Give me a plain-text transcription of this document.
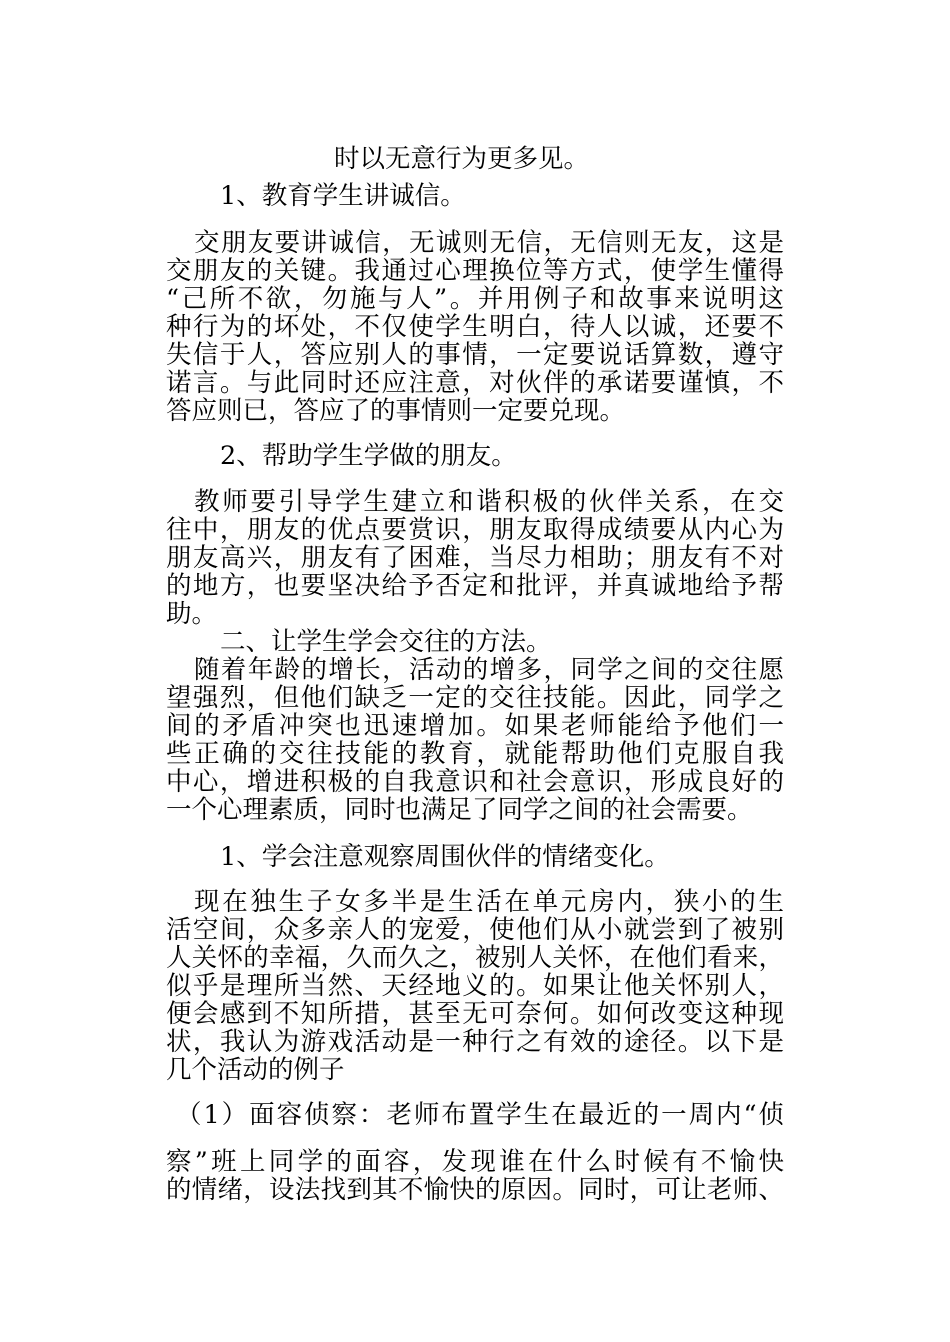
时以无意行为更多见。
1、教育学生讲诚信。
交朋友要讲诚信，无诚则无信，无信则无友，这是
交朋友的关键。我通过心理换位等方式，使学生懂得
“己所不欲，勿施与人”。并用例子和故事来说明这
种行为的坏处，不仅使学生明白，待人以诚，还要不
失信于人，答应别人的事情，一定要说话算数，遵守
诺言。与此同时还应注意，对伙伴的承诺要谨慎，不
答应则已，答应了的事情则一定要兑现。
2、帮助学生学做的朋友。
教师要引导学生建立和谐积极的伙伴关系，在交
往中，朋友的优点要赏识，朋友取得成绩要从内心为
朋友高兴，朋友有了困难，当尽力相助；朋友有不对
的地方，也要坚决给予否定和批评，并真诚地给予帮
助。
二、让学生学会交往的方法。
随着年龄的增长，活动的增多，同学之间的交往愿
望强烈，但他们缺乏一定的交往技能。因此，同学之
间的矛盾冲突也迅速增加。如果老师能给予他们一
些正确的交往技能的教育，就能帮助他们克服自我
中心，增进积极的自我意识和社会意识，形成良好的
一个心理素质，同时也满足了同学之间的社会需要。
1、学会注意观察周围伙伴的情绪变化。
现在独生子女多半是生活在单元房内，狭小的生
活空间，众多亲人的宠爱，使他们从小就尝到了被别
人关怀的幸福，久而久之，被别人关怀，在他们看来，
似乎是理所当然、天经地义的。如果让他关怀别人，
便会感到不知所措，甚至无可奈何。如何改变这种现
状，我认为游戏活动是一种行之有效的途径。以下是
几个活动的例子
（1）面容侦察：老师布置学生在最近的一周内“侦
察”班上同学的面容，发现谁在什么时候有不愉快
的情绪，设法找到其不愉快的原因。同时，可让老师、
